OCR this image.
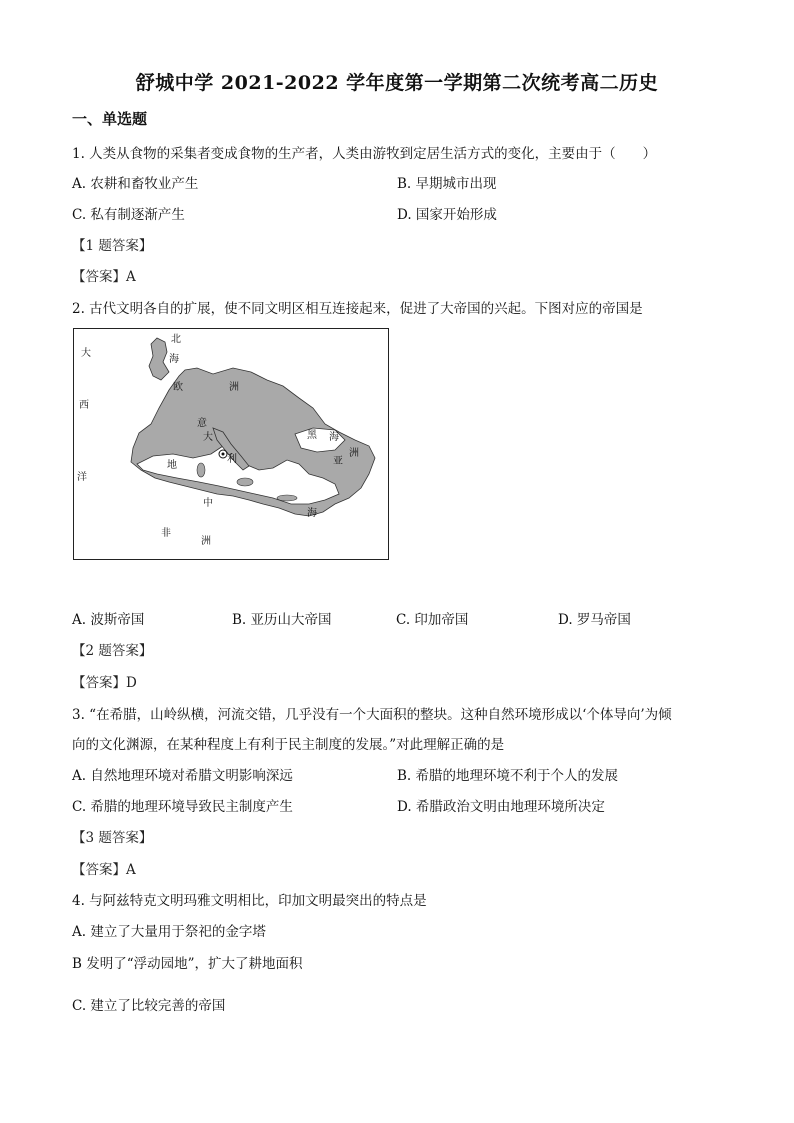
舒城中学 2021-2022 学年度第一学期第二次统考高二历史
一、单选题
1. 人类从食物的采集者变成食物的生产者，人类由游牧到定居生活方式的变化，主要由于（　　）
A. 农耕和畜牧业产生	B. 早期城市出现
C. 私有制逐渐产生	D. 国家开始形成
【1 题答案】
【答案】A
2. 古代文明各自的扩展，使不同文明区相互连接起来，促进了大帝国的兴起。下图对应的帝国是
大
西
洋
北
海
欧	洲
意
大
利
黑 海
洲
亚
地
中
海
非
洲
A. 波斯帝国	B. 亚历山大帝国	C. 印加帝国	D. 罗马帝国
【2 题答案】
【答案】D
3. “在希腊，山岭纵横，河流交错，几乎没有一个大面积的整块。这种自然环境形成以‘个体导向’为倾
向的文化渊源，在某种程度上有利于民主制度的发展。”对此理解正确的是
A. 自然地理环境对希腊文明影响深远	B. 希腊的地理环境不利于个人的发展
C. 希腊的地理环境导致民主制度产生	D. 希腊政治文明由地理环境所决定
【3 题答案】
【答案】A
4. 与阿兹特克文明玛雅文明相比，印加文明最突出的特点是
A. 建立了大量用于祭祀的金字塔
B 发明了“浮动园地”，扩大了耕地面积
C. 建立了比较完善的帝国
